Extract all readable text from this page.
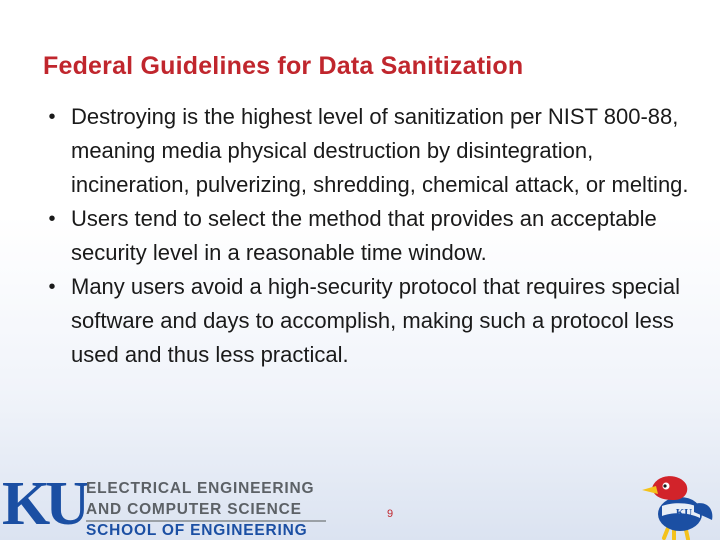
Federal Guidelines for Data Sanitization
• Destroying is the highest level of sanitization per NIST 800-88, meaning media physical destruction by disintegration, incineration, pulverizing, shredding, chemical attack, or melting.
• Users tend to select the method that provides an acceptable security level in a reasonable time window.
• Many users avoid a high-security protocol that requires special software and days to accomplish, making such a protocol less used and thus less practical.
KU ELECTRICAL ENGINEERING
AND COMPUTER SCIENCE
SCHOOL OF ENGINEERING
9	KU
